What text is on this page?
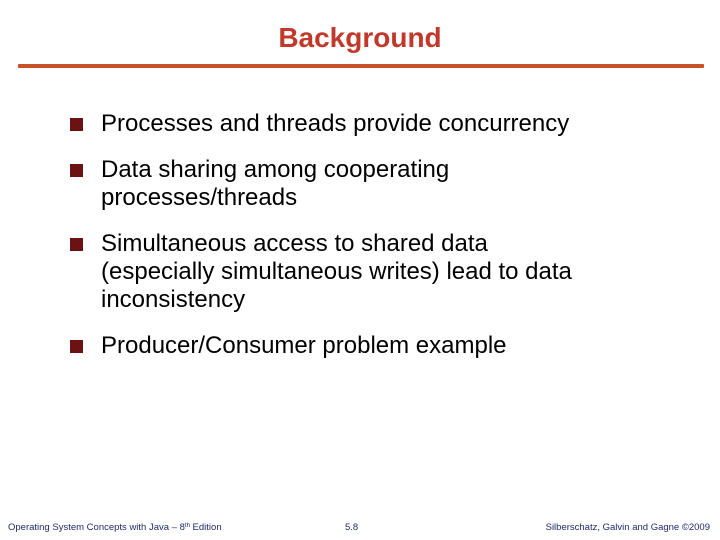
Background
Processes and threads provide concurrency
Data sharing among cooperating processes/threads
Simultaneous access to shared data (especially simultaneous writes) lead to data inconsistency
Producer/Consumer problem example
Operating System Concepts with Java – 8th Edition	5.8	Silberschatz, Galvin and Gagne ©2009
